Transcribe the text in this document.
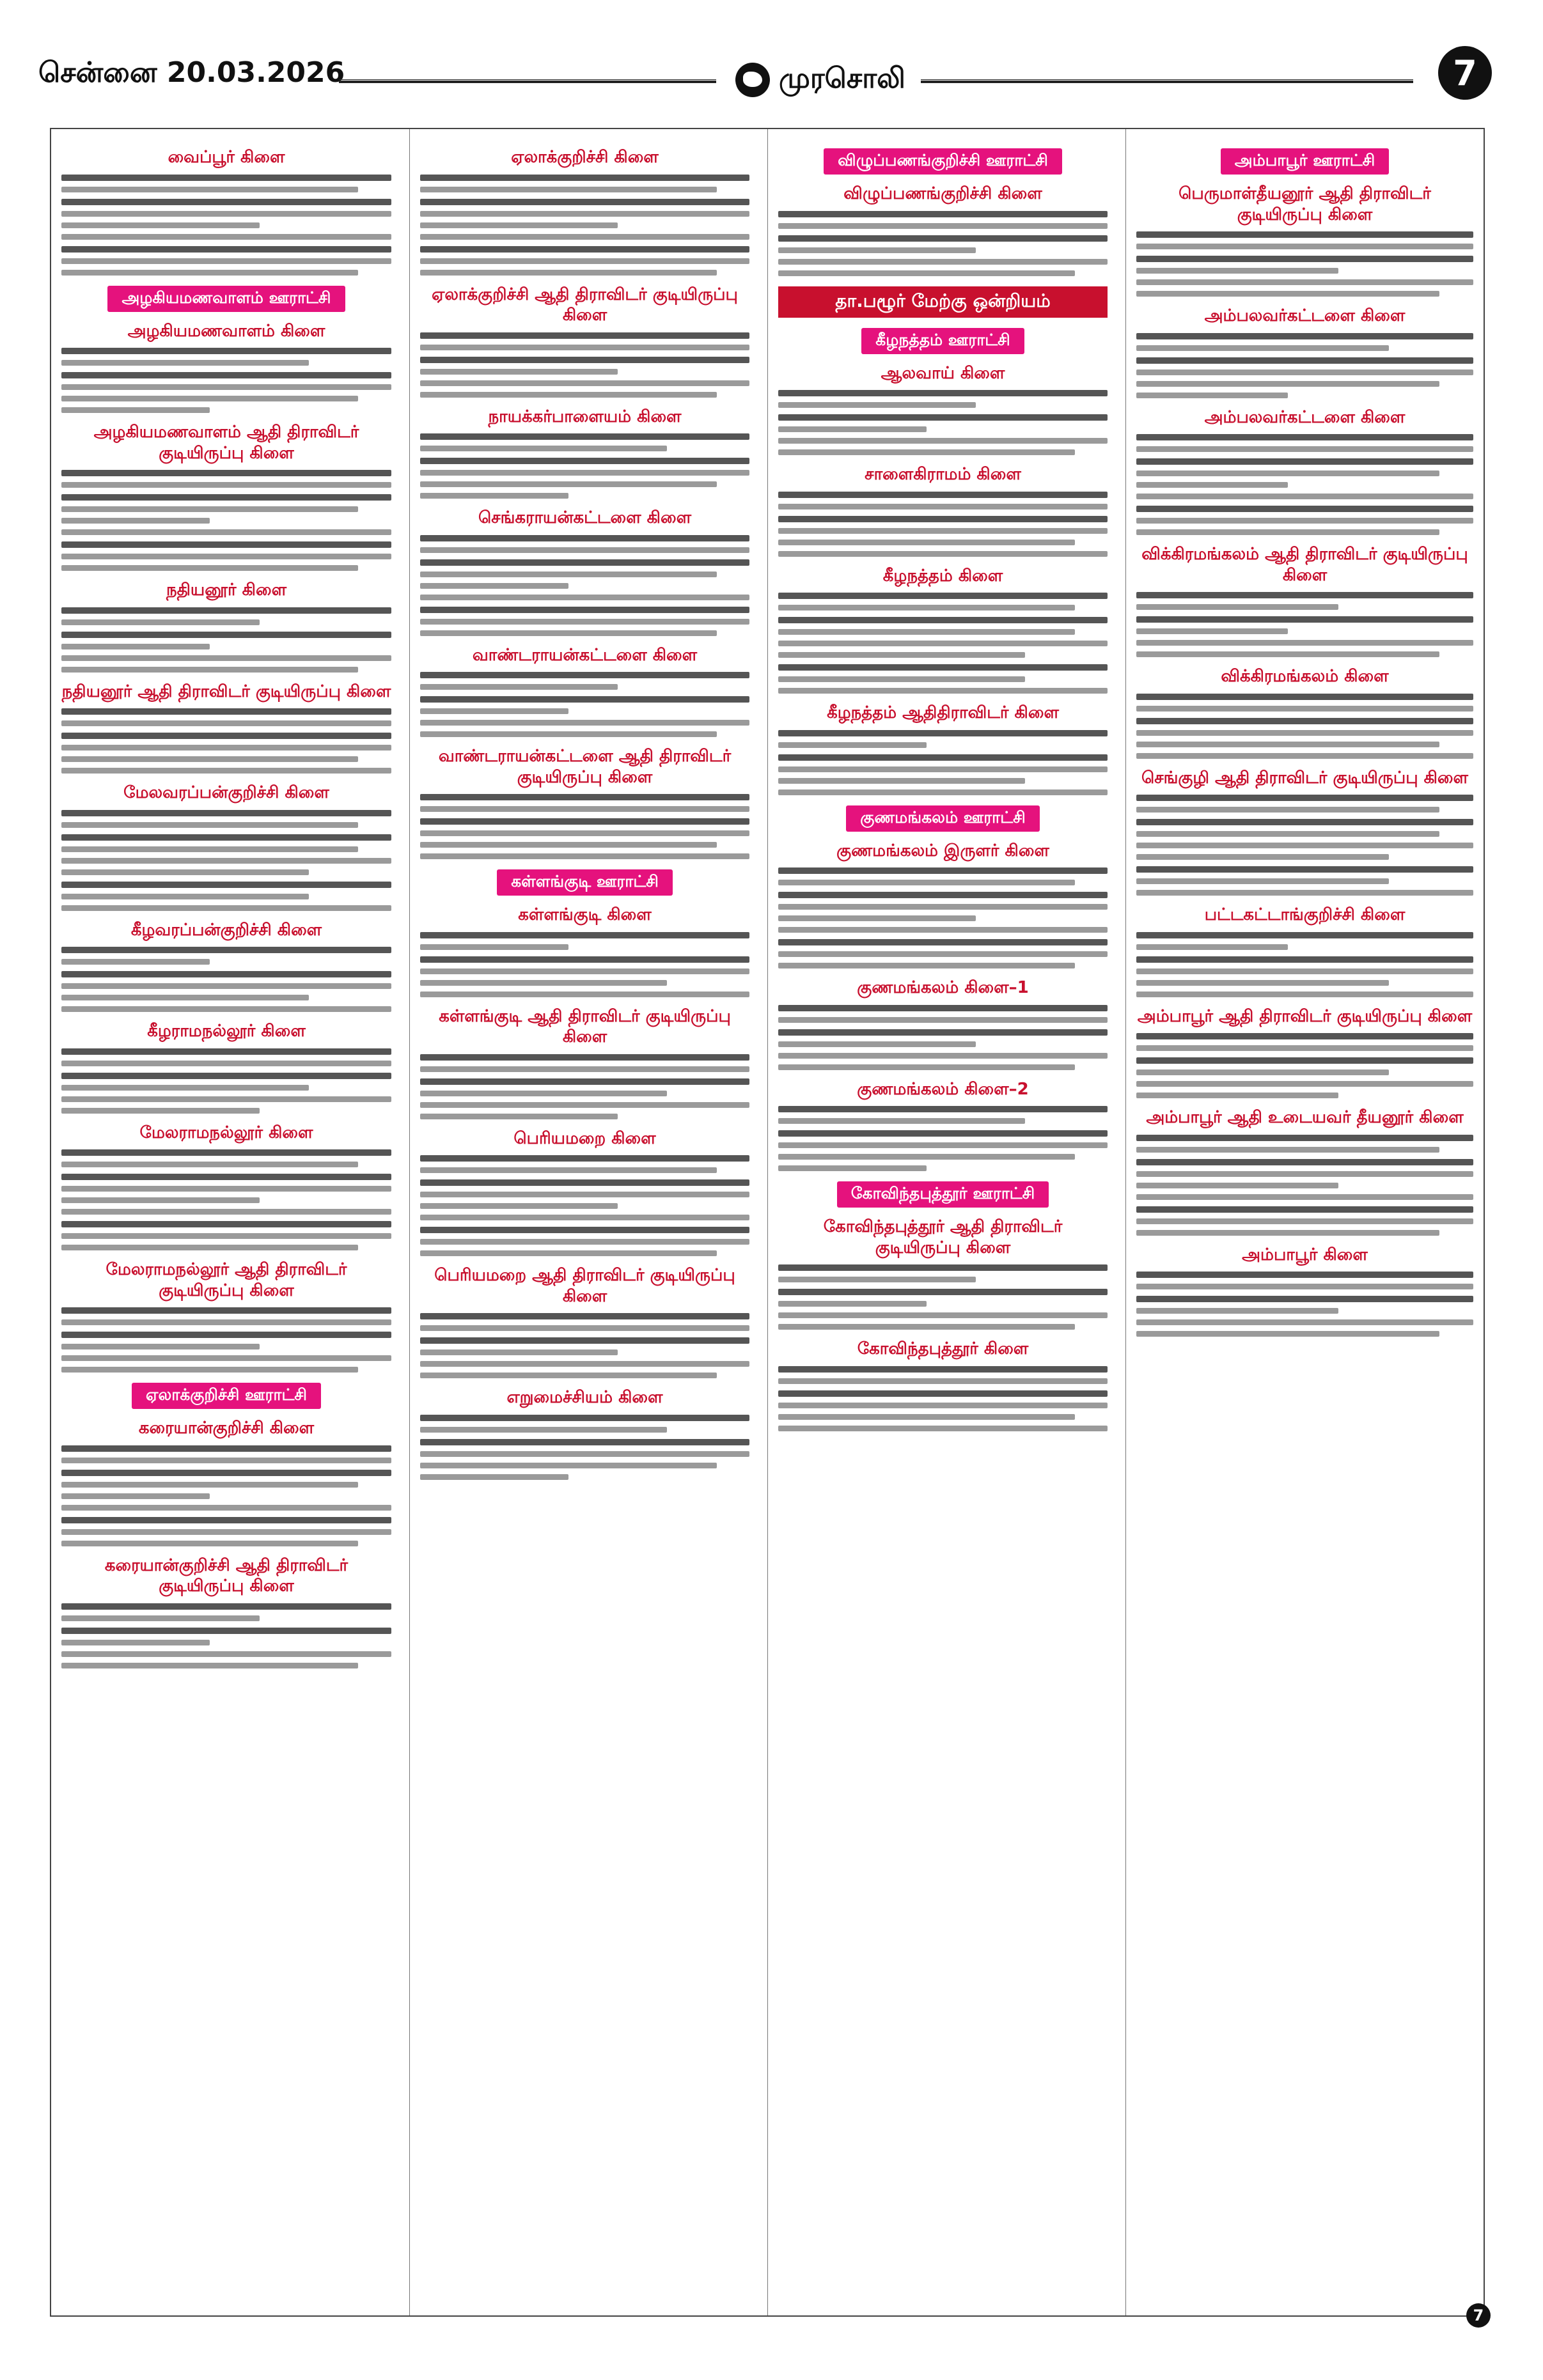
சென்னை 20.03.2026	முரசொலி	7
வைப்பூர் கிளை
அழகியமணவாளம் ஊராட்சி
அழகியமணவாளம் கிளை
அழகியமணவாளம் ஆதி திராவிடர் குடியிருப்பு கிளை
நதியனூர் கிளை
நதியனூர் ஆதி திராவிடர் குடியிருப்பு கிளை
மேலவரப்பன்குறிச்சி கிளை
கீழவரப்பன்குறிச்சி கிளை
கீழராமநல்லூர் கிளை
மேலராமநல்லூர் கிளை
மேலராமநல்லூர் ஆதி திராவிடர் குடியிருப்பு கிளை
ஏலாக்குறிச்சி ஊராட்சி
கரையான்குறிச்சி கிளை
கரையான்குறிச்சி ஆதி திராவிடர் குடியிருப்பு கிளை
ஏலாக்குறிச்சி கிளை
ஏலாக்குறிச்சி ஆதி திராவிடர் குடியிருப்பு கிளை
நாயக்கர்பாளையம் கிளை
செங்கராயன்கட்டளை கிளை
வாண்டராயன்கட்டளை கிளை
வாண்டராயன்கட்டளை ஆதி திராவிடர் குடியிருப்பு கிளை
கள்ளங்குடி ஊராட்சி
கள்ளங்குடி கிளை
கள்ளங்குடி ஆதி திராவிடர் குடியிருப்பு கிளை
பெரியமறை கிளை
பெரியமறை ஆதி திராவிடர் குடியிருப்பு கிளை
எறுமைச்சியம் கிளை
விழுப்பணங்குறிச்சி ஊராட்சி
விழுப்பணங்குறிச்சி கிளை
தா.பழூர் மேற்கு ஒன்றியம்
கீழநத்தம் ஊராட்சி
ஆலவாய் கிளை
சாளைகிராமம் கிளை
கீழநத்தம் கிளை
கீழநத்தம் ஆதிதிராவிடர் கிளை
குணமங்கலம் ஊராட்சி
குணமங்கலம் இருளர் கிளை
குணமங்கலம் கிளை–1
குணமங்கலம் கிளை–2
கோவிந்தபுத்தூர் ஊராட்சி
கோவிந்தபுத்தூர் ஆதி திராவிடர் குடியிருப்பு கிளை
கோவிந்தபுத்தூர் கிளை
அம்பாபூர் ஊராட்சி
பெருமாள்தீயனூர் ஆதி திராவிடர் குடியிருப்பு கிளை
அம்பலவர்கட்டளை கிளை
அம்பலவர்கட்டளை கிளை
விக்கிரமங்கலம் ஆதி திராவிடர் குடியிருப்பு கிளை
விக்கிரமங்கலம் கிளை
செங்குழி ஆதி திராவிடர் குடியிருப்பு கிளை
பட்டகட்டாங்குறிச்சி கிளை
அம்பாபூர் ஆதி திராவிடர் குடியிருப்பு கிளை
அம்பாபூர் ஆதி உடையவர் தீயனூர் கிளை
அம்பாபூர் கிளை
7
